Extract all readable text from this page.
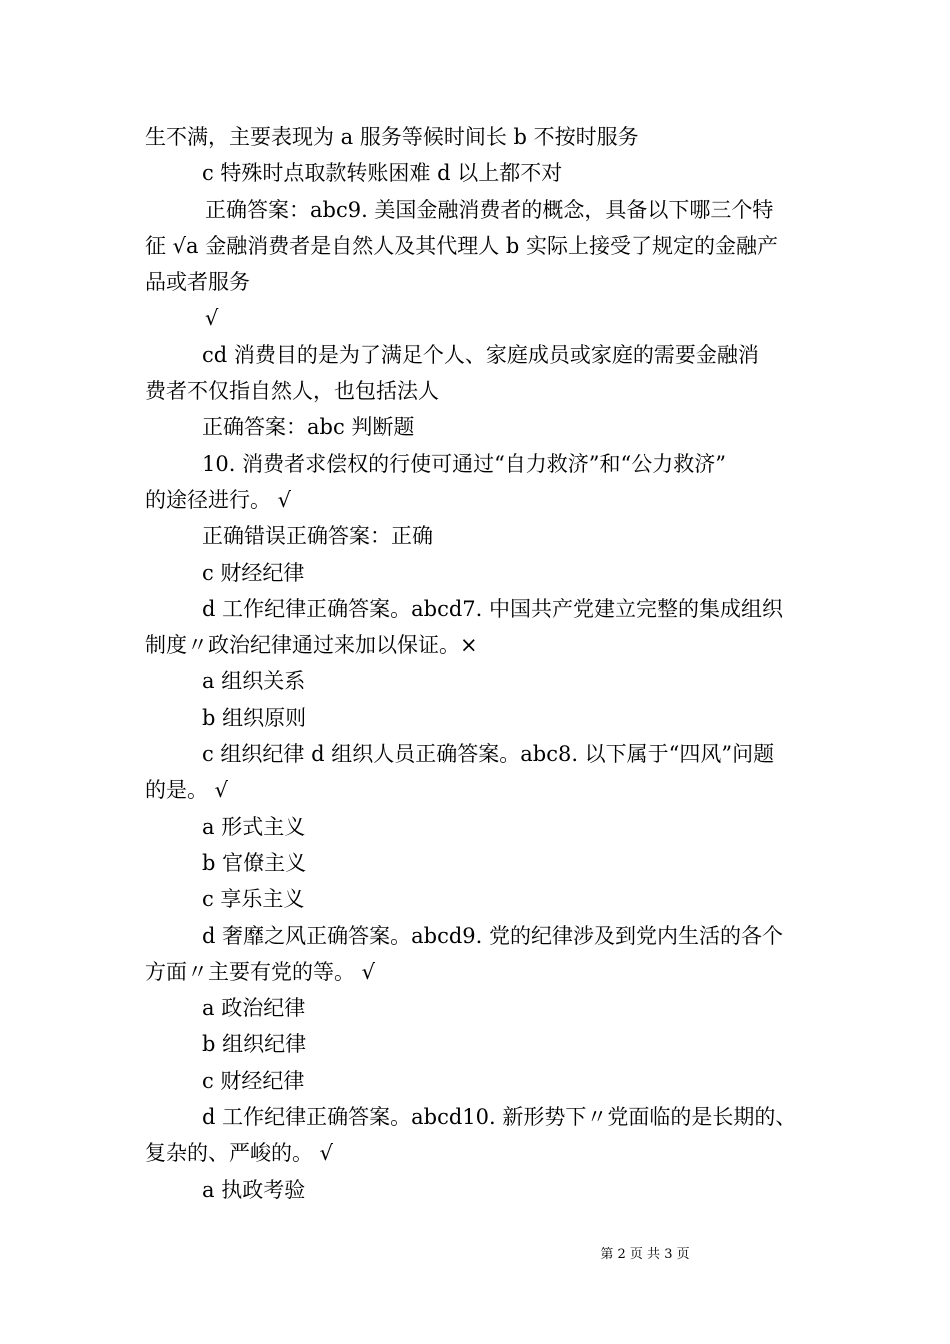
生不满，主要表现为 a 服务等候时间长 b 不按时服务
c 特殊时点取款转账困难 d 以上都不对
正确答案：abc9. 美国金融消费者的概念，具备以下哪三个特
征 √a 金融消费者是自然人及其代理人 b 实际上接受了规定的金融产
品或者服务
√
cd 消费目的是为了满足个人、家庭成员或家庭的需要金融消
费者不仅指自然人，也包括法人
正确答案：abc 判断题
10. 消费者求偿权的行使可通过“自力救济”和“公力救济”
的途径进行。 √
正确错误正确答案：正确
c 财经纪律
d 工作纪律正确答案。abcd7. 中国共产党建立完整的集成组织
制度〃政治纪律通过来加以保证。×
a 组织关系
b 组织原则
c 组织纪律 d 组织人员正确答案。abc8. 以下属于“四风”问题
的是。 √
a 形式主义
b 官僚主义
c 享乐主义
d 奢靡之风正确答案。abcd9. 党的纪律涉及到党内生活的各个
方面〃主要有党的等。 √
a 政治纪律
b 组织纪律
c 财经纪律
d 工作纪律正确答案。abcd10. 新形势下〃党面临的是长期的、
复杂的、严峻的。 √
a 执政考验
第 2 页 共 3 页
